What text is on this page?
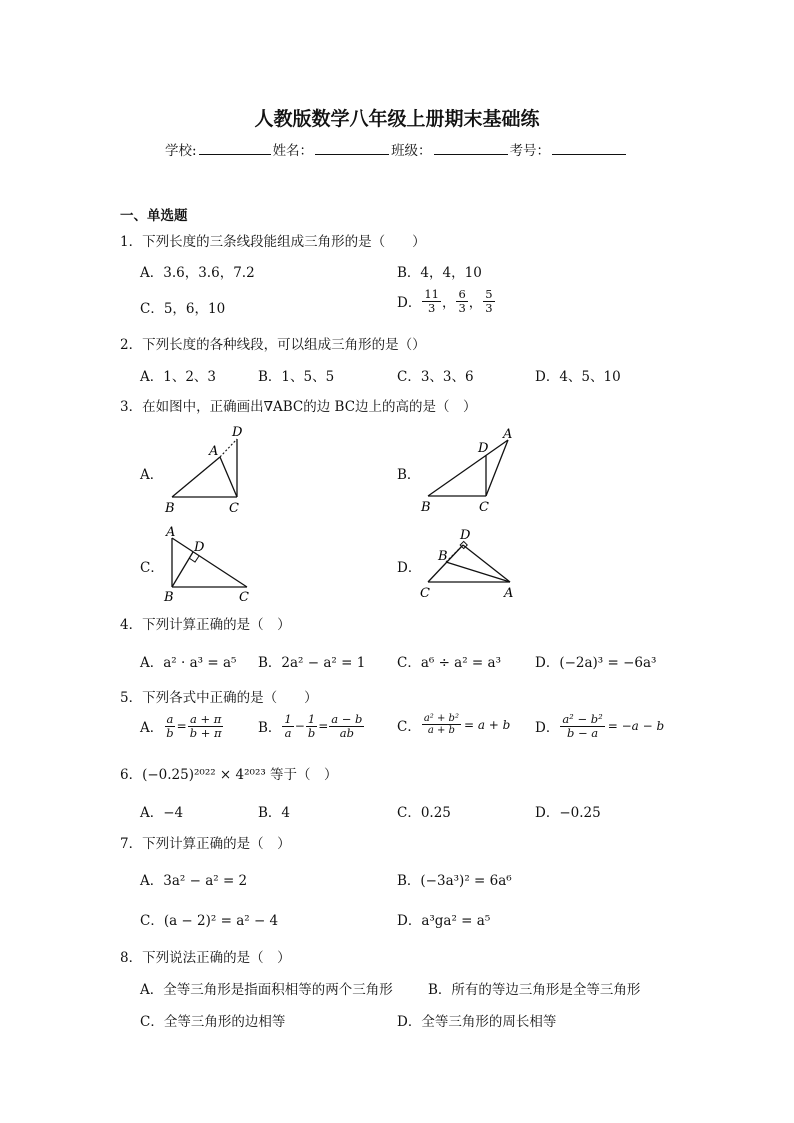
人教版数学八年级上册期末基础练
学校:	姓名：	班级：	考号：
一、单选题
1．下列长度的三条线段能组成三角形的是（　　）
A．3.6，3.6，7.2	B．4，4，10
C．5，6，10	D． $\frac{11}{3}$ ， $\frac{6}{3}$ ， $\frac{5}{3}$
2．下列长度的各种线段，可以组成三角形的是（）
A．1、2、3	B．1、5、5	C．3、3、6	D．4、5、10
3．在如图中，正确画出∇ABC的边 BC边上的高的是（　）
A．
B	C
A
D
B．
B	C
D
A
C．
A
B	C
D
D．
C	A
B
D
4．下列计算正确的是（　）
A．a² · a³ = a⁵ B．2a² − a² = 1 C．a⁶ ÷ a² = a³	D．(−2a)³ = −6a³
5．下列各式中正确的是（　　）
A． $\frac{a}{b} = \frac{a + \pi}{b + \pi}$	B． $\frac{1}{a} - \frac{1}{b} = \frac{a - b}{ab}$ C． $\frac{\text{a² + b²}}{a + b} = a + b$ D． $\frac{\text{a² − b²}}{b - a} = -a - b$
6．(−0.25)²⁰²² × 4²⁰²³ 等于（　）
A．−4	B．4	C．0.25	D．−0.25
7．下列计算正确的是（　）
A．3a² − a² = 2	B．(−3a³)² = 6a⁶
C．(a − 2)² = a² − 4	D．a³ga² = a⁵
8．下列说法正确的是（　）
A．全等三角形是指面积相等的两个三角形	B．所有的等边三角形是全等三角形
C．全等三角形的边相等	D．全等三角形的周长相等
